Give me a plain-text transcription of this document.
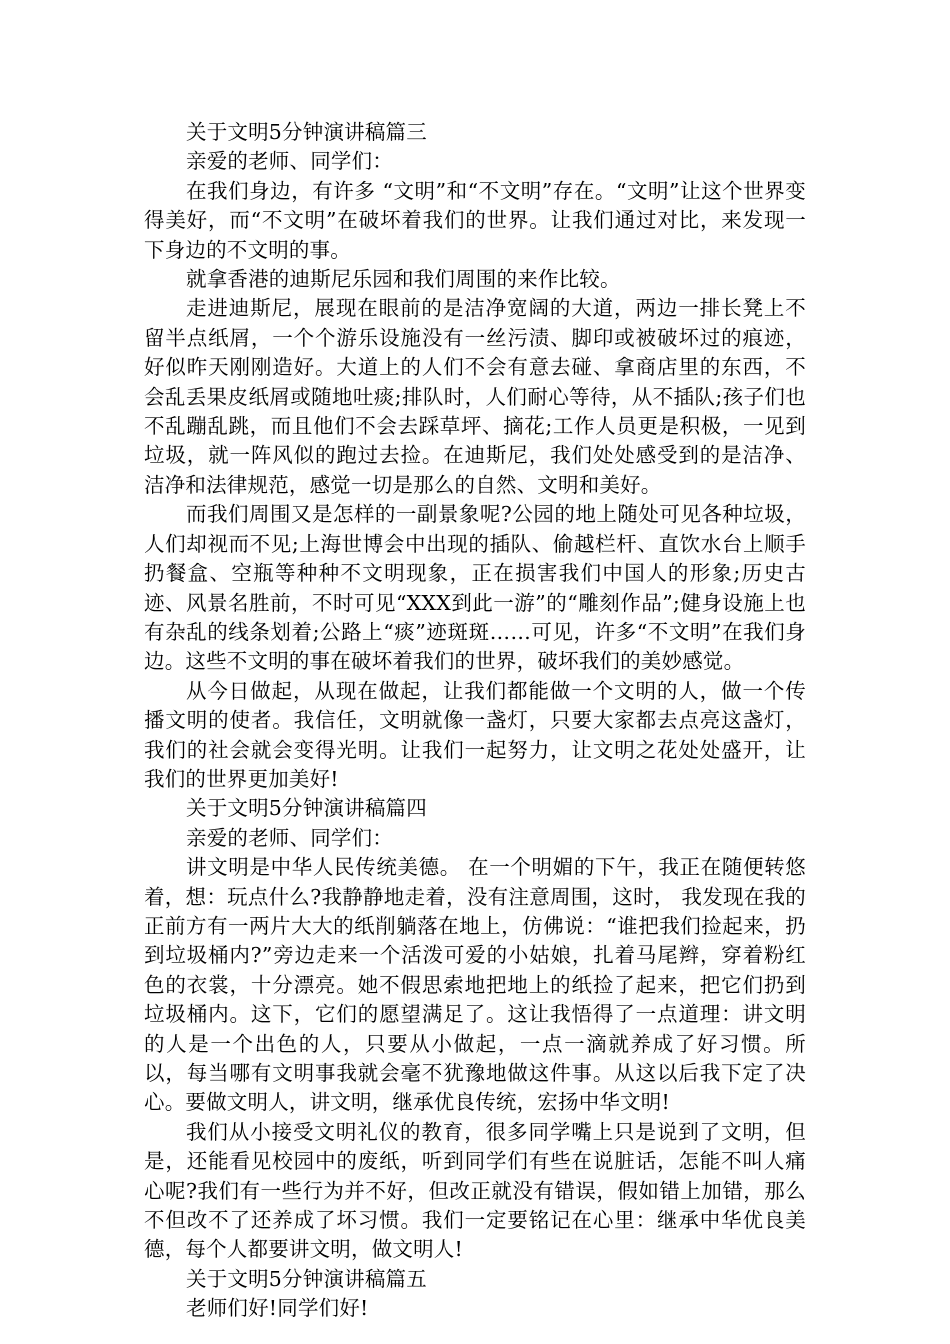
关于文明5分钟演讲稿篇三

亲爱的老师、同学们：

在我们身边，有许多 “文明”和“不文明”存在。“文明”让这个世界变得美好，而“不文明”在破坏着我们的世界。让我们通过对比，来发现一下身边的不文明的事。

就拿香港的迪斯尼乐园和我们周围的来作比较。

走进迪斯尼，展现在眼前的是洁净宽阔的大道，两边一排长凳上不留半点纸屑，一个个游乐设施没有一丝污渍、脚印或被破坏过的痕迹，好似昨天刚刚造好。大道上的人们不会有意去碰、拿商店里的东西，不会乱丢果皮纸屑或随地吐痰;排队时，人们耐心等待，从不插队;孩子们也不乱蹦乱跳，而且他们不会去踩草坪、摘花;工作人员更是积极，一见到垃圾，就一阵风似的跑过去捡。在迪斯尼，我们处处感受到的是洁净、洁净和法律规范，感觉一切是那么的自然、文明和美好。

而我们周围又是怎样的一副景象呢?公园的地上随处可见各种垃圾，人们却视而不见;上海世博会中出现的插队、偷越栏杆、直饮水台上顺手扔餐盒、空瓶等种种不文明现象，正在损害我们中国人的形象;历史古迹、风景名胜前，不时可见“XXX到此一游”的“雕刻作品”;健身设施上也有杂乱的线条划着;公路上“痰”迹斑斑……可见，许多“不文明”在我们身边。这些不文明的事在破坏着我们的世界，破坏我们的美妙感觉。

从今日做起，从现在做起，让我们都能做一个文明的人，做一个传播文明的使者。我信任，文明就像一盏灯，只要大家都去点亮这盏灯，我们的社会就会变得光明。让我们一起努力，让文明之花处处盛开，让我们的世界更加美好!

关于文明5分钟演讲稿篇四

亲爱的老师、同学们：

讲文明是中华人民传统美德。 在一个明媚的下午，我正在随便转悠着，想：玩点什么?我静静地走着，没有注意周围，这时， 我发现在我的正前方有一两片大大的纸削躺落在地上，仿佛说：“谁把我们捡起来，扔到垃圾桶内?”旁边走来一个活泼可爱的小姑娘，扎着马尾辫，穿着粉红色的衣裳，十分漂亮。她不假思索地把地上的纸捡了起来，把它们扔到垃圾桶内。这下，它们的愿望满足了。这让我悟得了一点道理：讲文明的人是一个出色的人，只要从小做起，一点一滴就养成了好习惯。所以，每当哪有文明事我就会毫不犹豫地做这件事。从这以后我下定了决心。要做文明人，讲文明，继承优良传统，宏扬中华文明!

我们从小接受文明礼仪的教育，很多同学嘴上只是说到了文明，但是，还能看见校园中的废纸，听到同学们有些在说脏话，怎能不叫人痛心呢?我们有一些行为并不好，但改正就没有错误，假如错上加错，那么不但改不了还养成了坏习惯。我们一定要铭记在心里：继承中华优良美德，每个人都要讲文明，做文明人!

关于文明5分钟演讲稿篇五

老师们好!同学们好!
